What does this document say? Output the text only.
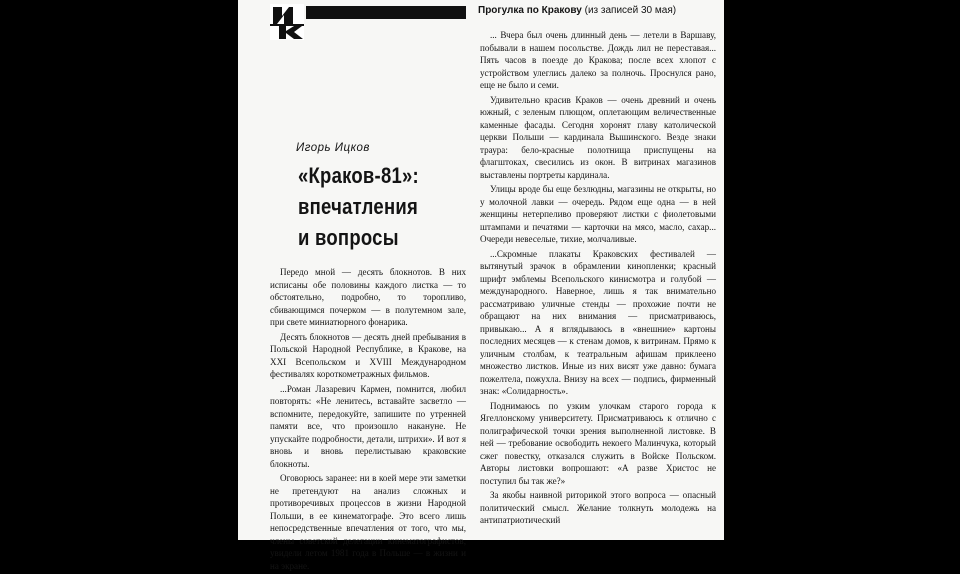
Прогулка по Кракову (из записей 30 мая)
Игорь Ицков
«Краков-81»:
впечатления
и вопросы

Передо мной — десять блокнотов. В них исписаны обе половины каждого листка — то обстоятельно, подробно, то торопливо, сбивающимся почерком — в полутемном зале, при свете миниатюрного фонарика.

Десять блокнотов — десять дней пребывания в Польской Народной Республике, в Кракове, на XXI Всепольском и XVIII Международном фестивалях короткометражных фильмов.

...Роман Лазаревич Кармен, помнится, любил повторять: «Не ленитесь, вставайте засветло — вспомните, передокуйте, запишите по утренней памяти все, что произошло накануне. Не упускайте подробности, детали, штрихи». И вот я вновь и вновь перелистываю краковские блокноты.

Оговорюсь заранее: ни в коей мере эти заметки не претендуют на анализ сложных и противоречивых процессов в жизни Народной Польши, в ее кинематографе. Это всего лишь непосредственные впечатления от того, что мы, члены советской делегации кинематографистов, увидели летом 1981 года в Польше — в жизни и на экране.

... Вчера был очень длинный день — летели в Варшаву, побывали в нашем посольстве. Дождь лил не переставая... Пять часов в поезде до Кракова; после всех хлопот с устройством улеглись далеко за полночь. Проснулся рано, еще не было и семи.

Удивительно красив Краков — очень древний и очень южный, с зеленым плющом, оплетающим величественные каменные фасады. Сегодня хоронят главу католической церкви Польши — кардинала Вышинского. Везде знаки траура: бело-красные полотнища приспущены на флагштоках, свесились из окон. В витринах магазинов выставлены портреты кардинала.

Улицы вроде бы еще безлюдны, магазины не открыты, но у молочной лавки — очередь. Рядом еще одна — в ней женщины нетерпеливо проверяют листки с фиолетовыми штампами и печатями — карточки на мясо, масло, сахар... Очереди невеселые, тихие, молчаливые.

...Скромные плакаты Краковских фестивалей — вытянутый зрачок в обрамлении кинопленки; красный шрифт эмблемы Всепольского кинисмотра и голубой — международного. Наверное, лишь я так внимательно рассматриваю уличные стенды — прохожие почти не обращают на них внимания — присматриваюсь, привыкаю... А я вглядываюсь в «внешние» картоны последних месяцев — к стенам домов, к витринам. Прямо к уличным столбам, к театральным афишам приклеено множество листков. Иные из них висят уже давно: бумага пожелтела, пожухла. Внизу на всех — подпись, фирменный знак: «Солидарность».

Поднимаюсь по узким улочкам старого города к Ягеллонскому университету. Присматриваюсь к отлично с полиграфической точки зрения выполненной листовке. В ней — требование освободить некоего Малинчука, который сжег повестку, отказался служить в Войске Польском. Авторы листовки вопрошают: «А разве Христос не поступил бы так же?»

За якобы наивной риторикой этого вопроса — опасный политический смысл. Желание толкнуть молодежь на антипатриотический
